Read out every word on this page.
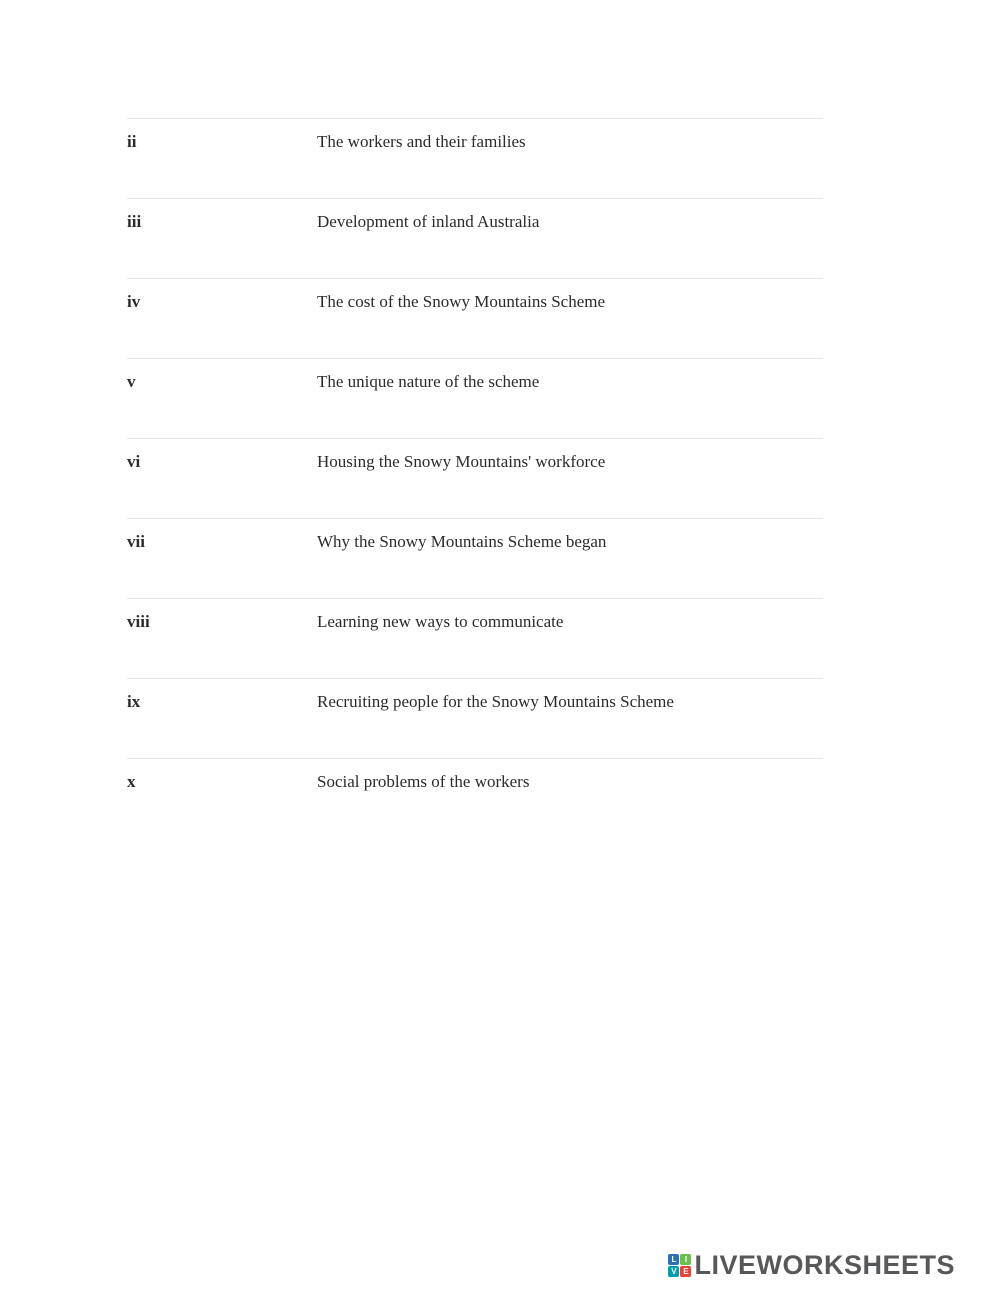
ii	The workers and their families
iii	Development of inland Australia
iv	The cost of the Snowy Mountains Scheme
v	The unique nature of the scheme
vi	Housing the Snowy Mountains' workforce
vii	Why the Snowy Mountains Scheme began
viii	Learning new ways to communicate
ix	Recruiting people for the Snowy Mountains Scheme
x	Social problems of the workers
L	I
V E LIVEWORKSHEETS
